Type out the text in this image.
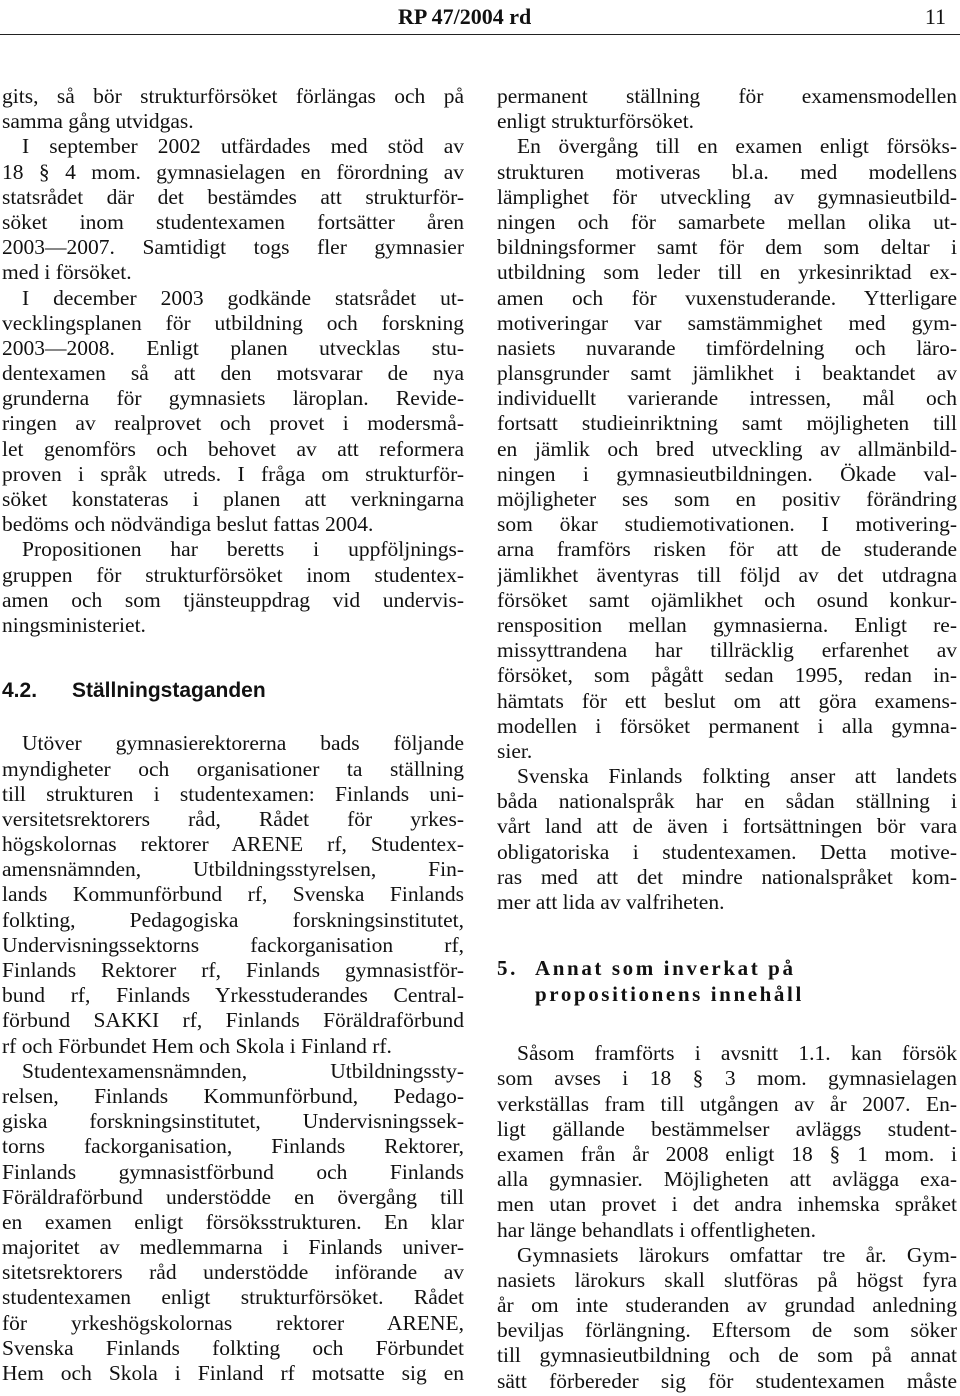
RP 47/2004 rd	11
gits, så bör strukturförsöket förlängas och på
samma gång utvidgas.
I september 2002 utfärdades med stöd av
18 § 4 mom. gymnasielagen en förordning av
statsrådet där det bestämdes att strukturför-
söket inom studentexamen fortsätter åren
2003—2007. Samtidigt togs fler gymnasier
med i försöket.
I december 2003 godkände statsrådet ut-
vecklingsplanen för utbildning och forskning
2003—2008. Enligt planen utvecklas stu-
dentexamen så att den motsvarar de nya
grunderna för gymnasiets läroplan. Revide-
ringen av realprovet och provet i modersmå-
let genomförs och behovet av att reformera
proven i språk utreds. I fråga om strukturför-
söket konstateras i planen att verkningarna
bedöms och nödvändiga beslut fattas 2004.
Propositionen har beretts i uppföljnings-
gruppen för strukturförsöket inom studentex-
amen och som tjänsteuppdrag vid undervis-
ningsministeriet.
4.2.	Ställningstaganden
Utöver gymnasierektorerna bads följande
myndigheter och organisationer ta ställning
till strukturen i studentexamen: Finlands uni-
versitetsrektorers råd, Rådet för yrkes-
högskolornas rektorer ARENE rf, Studentex-
amensnämnden, Utbildningsstyrelsen, Fin-
lands Kommunförbund rf, Svenska Finlands
folkting, Pedagogiska forskningsinstitutet,
Undervisningssektorns fackorganisation rf,
Finlands Rektorer rf, Finlands gymnasistför-
bund rf, Finlands Yrkesstuderandes Central-
förbund SAKKI rf, Finlands Föräldraförbund
rf och Förbundet Hem och Skola i Finland rf.
Studentexamensnämnden, Utbildningssty-
relsen, Finlands Kommunförbund, Pedago-
giska forskningsinstitutet, Undervisningssek-
torns fackorganisation, Finlands Rektorer,
Finlands gymnasistförbund och Finlands
Föräldraförbund understödde en övergång till
en examen enligt försöksstrukturen. En klar
majoritet av medlemmarna i Finlands univer-
sitetsrektorers råd understödde införande av
studentexamen enligt strukturförsöket. Rådet
för yrkeshögskolornas rektorer ARENE,
Svenska Finlands folkting och Förbundet
Hem och Skola i Finland rf motsatte sig en
permanent ställning för examensmodellen
enligt strukturförsöket.
En övergång till en examen enligt försöks-
strukturen motiveras bl.a. med modellens
lämplighet för utveckling av gymnasieutbild-
ningen och för samarbete mellan olika ut-
bildningsformer samt för dem som deltar i
utbildning som leder till en yrkesinriktad ex-
amen och för vuxenstuderande. Ytterligare
motiveringar var samstämmighet med gym-
nasiets nuvarande timfördelning och läro-
plansgrunder samt jämlikhet i beaktandet av
individuellt varierande intressen, mål och
fortsatt studieinriktning samt möjligheten till
en jämlik och bred utveckling av allmänbild-
ningen i gymnasieutbildningen. Ökade val-
möjligheter ses som en positiv förändring
som ökar studiemotivationen. I motivering-
arna framförs risken för att de studerande
jämlikhet äventyras till följd av det utdragna
försöket samt ojämlikhet och osund konkur-
rensposition mellan gymnasierna. Enligt re-
missyttrandena har tillräcklig erfarenhet av
försöket, som pågått sedan 1995, redan in-
hämtats för ett beslut om att göra examens-
modellen i försöket permanent i alla gymna-
sier.
Svenska Finlands folkting anser att landets
båda nationalspråk har en sådan ställning i
vårt land att de även i fortsättningen bör vara
obligatoriska i studentexamen. Detta motive-
ras med att det mindre nationalspråket kom-
mer att lida av valfriheten.
5. Annat som inverkat på
propositionens innehåll
Såsom framförts i avsnitt 1.1. kan försök
som avses i 18 § 3 mom. gymnasielagen
verkställas fram till utgången av år 2007. En-
ligt gällande bestämmelser avläggs student-
examen från år 2008 enligt 18 § 1 mom. i
alla gymnasier. Möjligheten att avlägga exa-
men utan provet i det andra inhemska språket
har länge behandlats i offentligheten.
Gymnasiets lärokurs omfattar tre år. Gym-
nasiets lärokurs skall slutföras på högst fyra
år om inte studeranden av grundad anledning
beviljas förlängning. Eftersom de som söker
till gymnasieutbildning och de som på annat
sätt förbereder sig för studentexamen måste
